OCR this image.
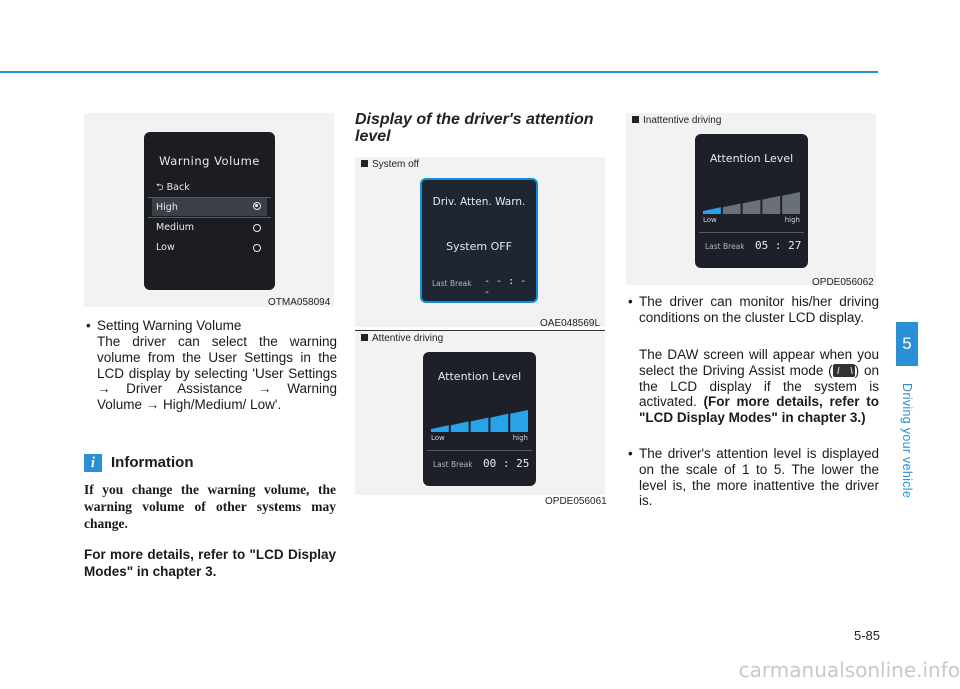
Warning Volume
⮌ Back
High
Medium
Low
OTMA058094
• Setting Warning Volume
The driver can select the warning volume from the User Settings in the LCD display by selecting 'User Settings → Driver Assistance → Warning Volume → High/Medium/ Low'.
i	Information
If you change the warning volume, the warning volume of other systems may change.
For more details, refer to "LCD Display Modes" in chapter 3.
Display of the driver's attention level
System off
Driv. Atten. Warn.
System OFF
Last Break - - : - -
OAE048569L
Attentive driving
Attention Level
Low	high
Last Break 00 : 25
OPDE056061
Inattentive driving
Attention Level
Low	high
Last Break 05 : 27
OPDE056062
• The driver can monitor his/her driving conditions on the cluster LCD display.
The DAW screen will appear when you select the Driving Assist mode ( ) on the LCD display if the system is activated. (For more details, refer to "LCD Display Modes" in chapter 3.)
• The driver's attention level is displayed on the scale of 1 to 5. The lower the level is, the more inattentive the driver is.
5
Driving your vehicle
5-85
carmanualsonline.info
